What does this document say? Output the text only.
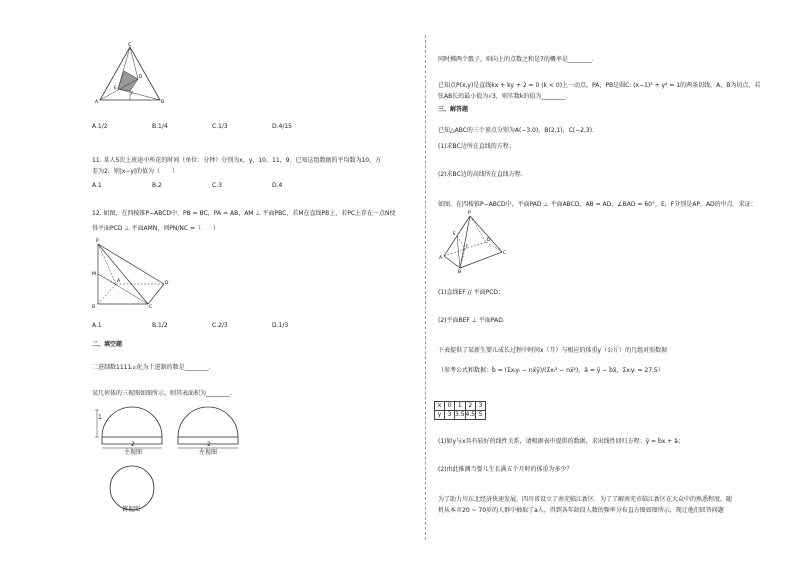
C
A	B
D
E
F
A.1/2	B.1/4	C.1/3	D.4/15
11. 某人5次上班途中所花的时间（单位：分钟）分别为x，y，10，11，9．已知这组数据的平均数为10，方
差为2，则|x−y|的值为（　　）
A.1	B.2	C.3	D.4
12. 如图，在四棱锥P−ABCD中，PB = BC，PA = AB，AM ⊥ 平面PBC，若M在直线PB上，若PC上存在一点N使
得平面PCD ⊥ 平面AMN，则PN/NC =（　　）
P
M
A
B	C
D
A.1	B.1/2	C.2/3	D.1/3
二、填空题
二进制数1111₍₂₎化为十进制的数是________.
某几何体的三视图如图所示，则其表面积为________.
1
2	2
主视图	左视图
俯视图
同时掷两个骰子，则向上的点数之和是7的概率是________.
已知点P(x,y)是直线kx + ky + 2 = 0 (k < 0)上一动点，PA，PB是圆C: (x−1)² + y² = 1的两条切线，A，B为切点，若
弦AB长的最小值为√3，则实数k的值为________.
三、解答题
已知△ABC的三个顶点分别为A(−3,0)，B(2,1)，C(−2,3).
(1)求BC边所在直线的方程；
(2)求BC边的高线所在直线方程.
如图，在四棱锥P−ABCD中，平面PAD ⊥ 平面ABCD，AB = AD，∠BAD = 60°，E，F分别是AP，AD的中点．求证：
P
E
F
A
B
C
D
(1)直线EF // 平面PCD；
(2)平面BEF ⊥ 平面PAD.
下表提供了某新生婴儿成长过程中时间x（月）与相应的体重y（公斤）的几组对照数据
（参考公式和数据：b̂ = (Σxᵢyᵢ − nx̄ȳ)/(Σxᵢ² − nx̄²)，â = ȳ − b̂x̄，Σxᵢyᵢ = 27.5）
x	0	1	2	3
y	3	3.5	4.5	5
(1)如y与x具有较好的线性关系，请根据表中提供的数据，求出线性回归方程：ŷ = b̂x + â；
(2)由此推测当婴儿生长满五个月时的体重为多少？
为了助力川东北经济快速发展，四川省设立了南充临江新区．为了了解南充市临江新区在大众中的熟悉程度，随
机从本市20 ~ 70岁的人群中抽取了a人，得到各年龄段人数的频率分布直方图如图所示，现让他们回答问题
